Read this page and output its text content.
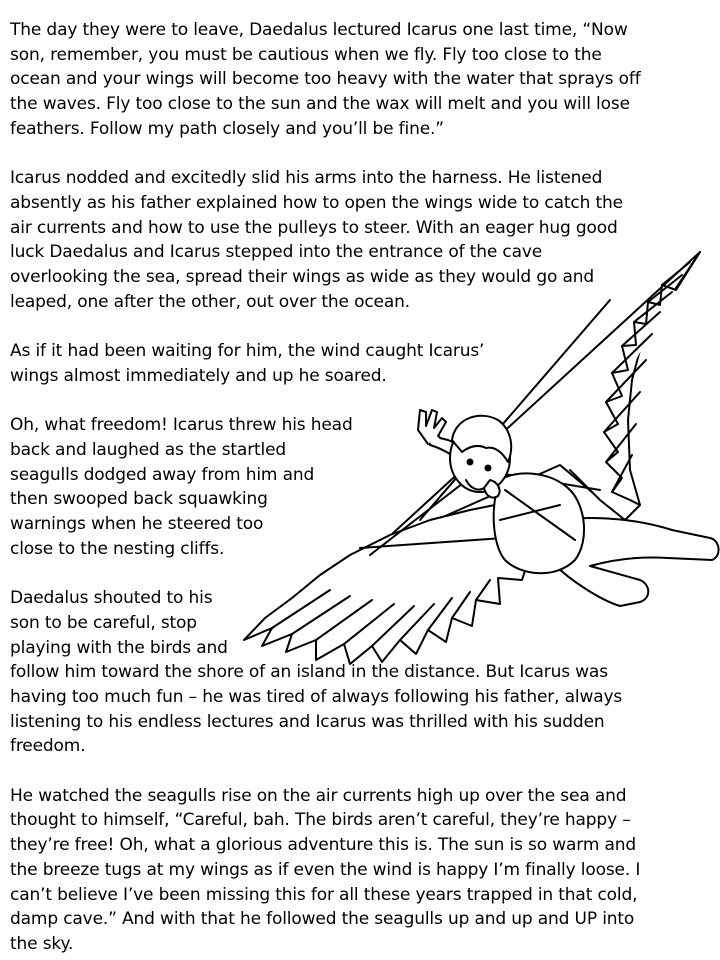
The day they were to leave, Daedalus lectured Icarus one last time, “Now
son, remember, you must be cautious when we fly. Fly too close to the
ocean and your wings will become too heavy with the water that sprays off
the waves. Fly too close to the sun and the wax will melt and you will lose
feathers. Follow my path closely and you’ll be fine.”
Icarus nodded and excitedly slid his arms into the harness. He listened
absently as his father explained how to open the wings wide to catch the
air currents and how to use the pulleys to steer. With an eager hug good
luck Daedalus and Icarus stepped into the entrance of the cave
overlooking the sea, spread their wings as wide as they would go and
leaped, one after the other, out over the ocean.
As if it had been waiting for him, the wind caught Icarus’
wings almost immediately and up he soared.
Oh, what freedom! Icarus threw his head
back and laughed as the startled
seagulls dodged away from him and
then swooped back squawking
warnings when he steered too
close to the nesting cliffs.
Daedalus shouted to his
son to be careful, stop
playing with the birds and
follow him toward the shore of an island in the distance. But Icarus was
having too much fun – he was tired of always following his father, always
listening to his endless lectures and Icarus was thrilled with his sudden
freedom.
He watched the seagulls rise on the air currents high up over the sea and
thought to himself, “Careful, bah. The birds aren’t careful, they’re happy –
they’re free! Oh, what a glorious adventure this is. The sun is so warm and
the breeze tugs at my wings as if even the wind is happy I’m finally loose. I
can’t believe I’ve been missing this for all these years trapped in that cold,
damp cave.” And with that he followed the seagulls up and up and UP into
the sky.
